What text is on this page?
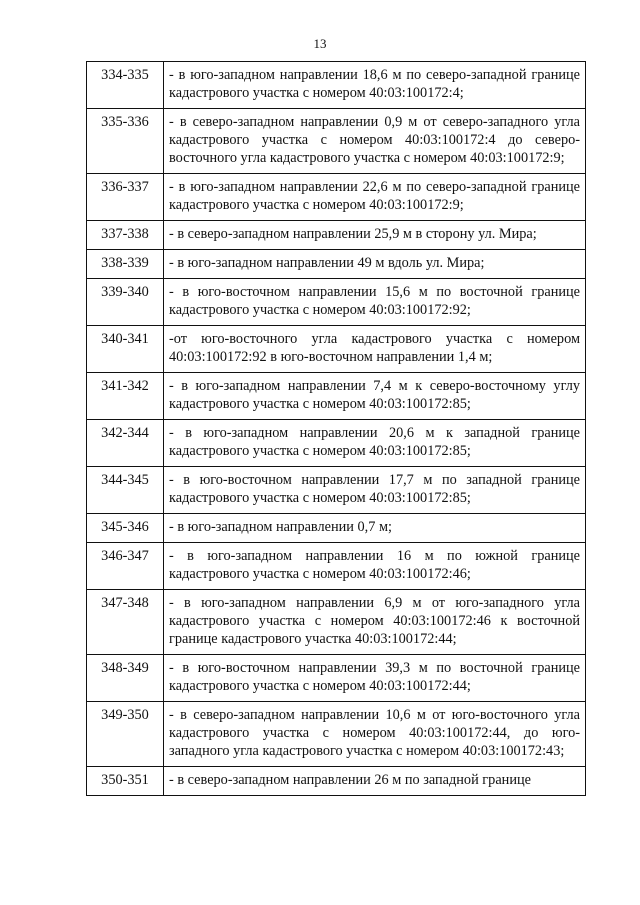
13
334-335	- в юго-западном направлении 18,6 м по северо-западной границе кадастрового участка с номером 40:03:100172:4;
335-336	- в северо-западном направлении 0,9 м от северо-западного угла кадастрового участка с номером 40:03:100172:4 до северо-восточного угла кадастрового участка с номером 40:03:100172:9;
336-337	- в юго-западном направлении 22,6 м по северо-западной границе кадастрового участка с номером 40:03:100172:9;
337-338	- в северо-западном направлении 25,9 м в сторону ул. Мира;
338-339	- в юго-западном направлении 49 м вдоль ул. Мира;
339-340	- в юго-восточном направлении 15,6 м по восточной границе кадастрового участка с номером 40:03:100172:92;
340-341	-от юго-восточного угла кадастрового участка с номером 40:03:100172:92 в юго-восточном направлении 1,4 м;
341-342	- в юго-западном направлении 7,4 м к северо-восточному углу кадастрового участка с номером 40:03:100172:85;
342-344	- в юго-западном направлении 20,6 м к западной границе кадастрового участка с номером 40:03:100172:85;
344-345	- в юго-восточном направлении 17,7 м по западной границе кадастрового участка с номером 40:03:100172:85;
345-346	- в юго-западном направлении 0,7 м;
346-347	- в юго-западном направлении 16 м по южной границе кадастрового участка с номером 40:03:100172:46;
347-348	- в юго-западном направлении 6,9 м от юго-западного угла кадастрового участка с номером 40:03:100172:46 к восточной границе кадастрового участка 40:03:100172:44;
348-349	- в юго-восточном направлении 39,3 м по восточной границе кадастрового участка с номером 40:03:100172:44;
349-350	- в северо-западном направлении 10,6 м от юго-восточного угла кадастрового участка с номером 40:03:100172:44, до юго-западного угла кадастрового участка с номером 40:03:100172:43;
350-351	- в северо-западном направлении 26 м по западной границе
